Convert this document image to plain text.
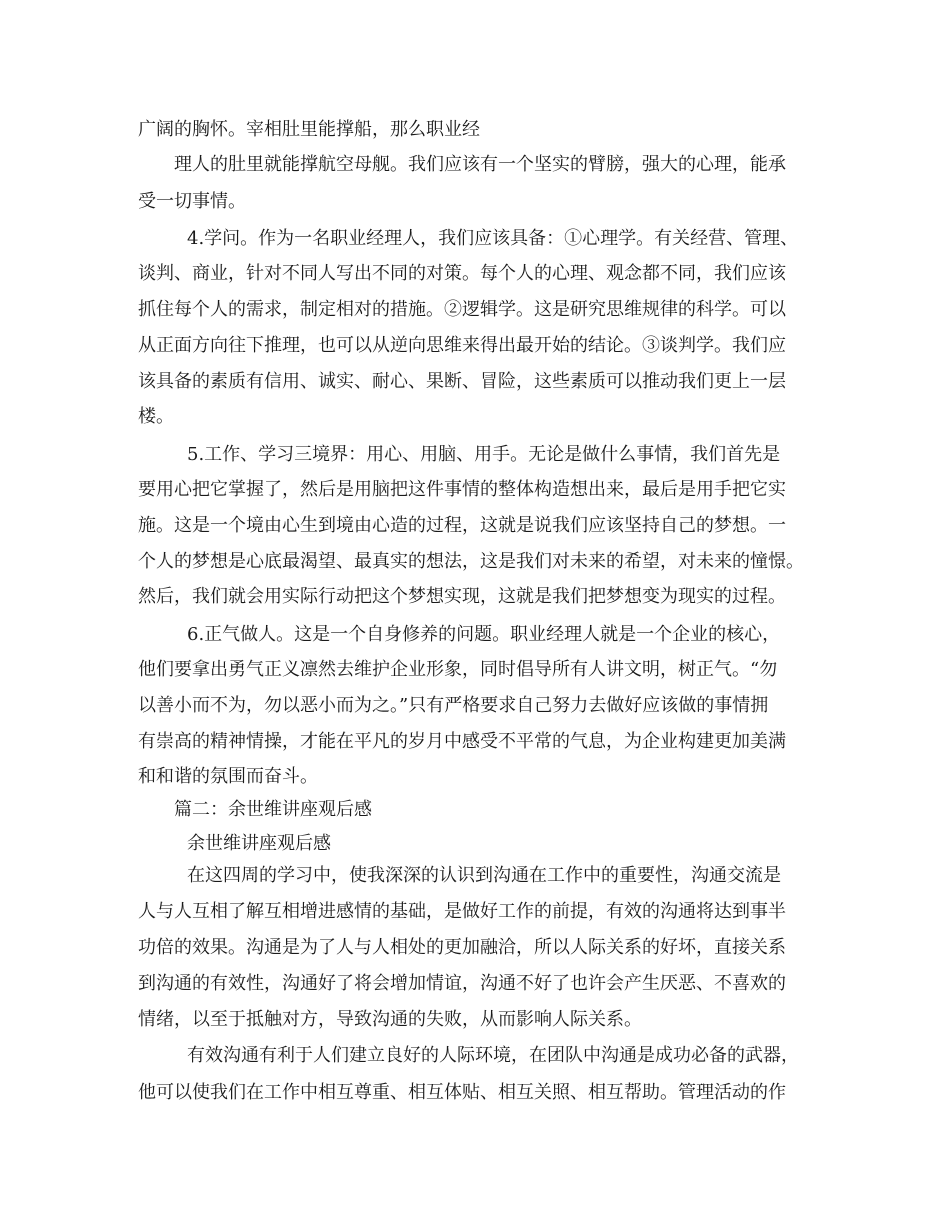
广阔的胸怀。宰相肚里能撑船，那么职业经
理人的肚里就能撑航空母舰。我们应该有一个坚实的臂膀，强大的心理，能承
受一切事情。
4.学问。作为一名职业经理人，我们应该具备：①心理学。有关经营、管理、
谈判、商业，针对不同人写出不同的对策。每个人的心理、观念都不同，我们应该
抓住每个人的需求，制定相对的措施。②逻辑学。这是研究思维规律的科学。可以
从正面方向往下推理，也可以从逆向思维来得出最开始的结论。③谈判学。我们应
该具备的素质有信用、诚实、耐心、果断、冒险，这些素质可以推动我们更上一层
楼。
5.工作、学习三境界：用心、用脑、用手。无论是做什么事情，我们首先是
要用心把它掌握了，然后是用脑把这件事情的整体构造想出来，最后是用手把它实
施。这是一个境由心生到境由心造的过程，这就是说我们应该坚持自己的梦想。一
个人的梦想是心底最渴望、最真实的想法，这是我们对未来的希望，对未来的憧憬。
然后，我们就会用实际行动把这个梦想实现，这就是我们把梦想变为现实的过程。
6.正气做人。这是一个自身修养的问题。职业经理人就是一个企业的核心，
他们要拿出勇气正义凛然去维护企业形象，同时倡导所有人讲文明，树正气。“勿
以善小而不为，勿以恶小而为之。”只有严格要求自己努力去做好应该做的事情拥
有崇高的精神情操，才能在平凡的岁月中感受不平常的气息，为企业构建更加美满
和和谐的氛围而奋斗。
篇二：余世维讲座观后感
余世维讲座观后感
在这四周的学习中，使我深深的认识到沟通在工作中的重要性，沟通交流是
人与人互相了解互相增进感情的基础，是做好工作的前提，有效的沟通将达到事半
功倍的效果。沟通是为了人与人相处的更加融洽，所以人际关系的好坏，直接关系
到沟通的有效性，沟通好了将会增加情谊，沟通不好了也许会产生厌恶、不喜欢的
情绪，以至于抵触对方，导致沟通的失败，从而影响人际关系。
有效沟通有利于人们建立良好的人际环境，在团队中沟通是成功必备的武器，
他可以使我们在工作中相互尊重、相互体贴、相互关照、相互帮助。管理活动的作
